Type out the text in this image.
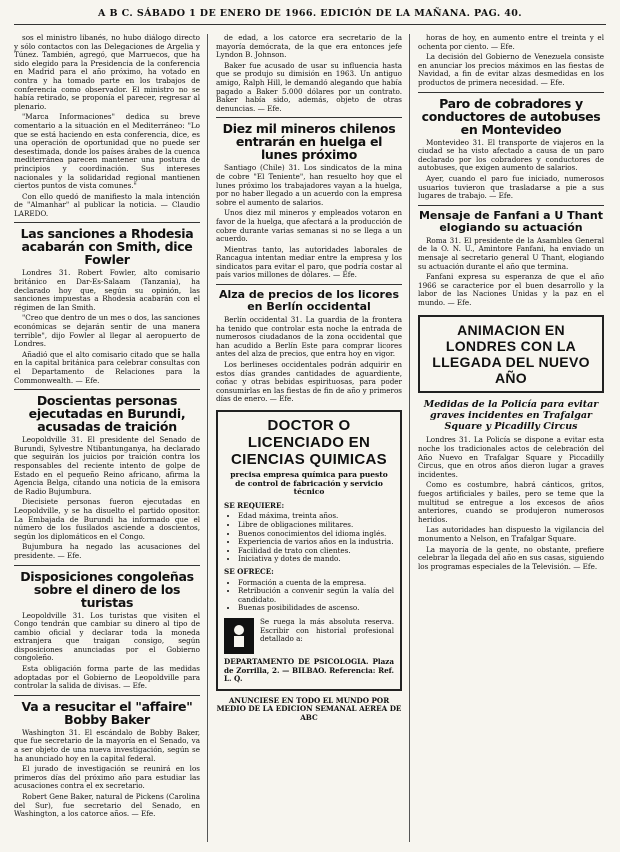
A B C. SÁBADO 1 DE ENERO DE 1966. EDICIÓN DE LA MAÑANA. PAG. 40.

sos el ministro libanés, no hubo diálogo directo y sólo contactos con las Delegaciones de Argelia y Túnez. También, agregó, que Marruecos, que ha sido elegido para la Presidencia de la conferencia en Madrid para el año próximo, ha votado en contra y ha tomado parte en los trabajos de conferencia como observador. El ministro no se había retirado, se proponía el parecer, regresar al plenario.

"Marca Informaciones" dedica su breve comentario a la situación en el Mediterráneo: "Lo que se está haciendo en esta conferencia, dice, es una operación de oportunidad que no puede ser desestimada, donde los países árabes de la cuenca mediterránea parecen mantener una postura de principios y coordinación. Sus intereses nacionales y la solidaridad regional mantienen ciertos puntos de vista comunes."

Con ello quedó de manifiesto la mala intención de "Almanhar" al publicar la noticia. — Claudio LAREDO.

Las sanciones a Rhodesia acabarán con Smith, dice Fowler

Londres 31. Robert Fowler, alto comisario británico en Dar-Es-Salaam (Tanzania), ha declarado hoy que, según su opinión, las sanciones impuestas a Rhodesia acabarán con el régimen de Ian Smith.

"Creo que dentro de un mes o dos, las sanciones económicas se dejarán sentir de una manera terrible", dijo Fowler al llegar al aeropuerto de Londres.

Añadió que el alto comisario citado que se halla en la capital británica para celebrar consultas con el Departamento de Relaciones para la Commonwealth. — Efe.

Doscientas personas ejecutadas en Burundi, acusadas de traición

Leopoldville 31. El presidente del Senado de Burundi, Sylvestre Ntibantunganya, ha declarado que seguirán los juicios por traición contra los responsables del reciente intento de golpe de Estado en el pequeño Reino africano, afirma la Agencia Belga, citando una noticia de la emisora de Radio Bujumbura.

Diecisiete personas fueron ejecutadas en Leopoldville, y se ha disuelto el partido opositor. La Embajada de Burundi ha informado que el número de los fusilados asciende a doscientos, según los diplomáticos en el Congo.

Bujumbura ha negado las acusaciones del presidente. — Efe.

Disposiciones congoleñas sobre el dinero de los turistas

Leopoldville 31. Los turistas que visiten el Congo tendrán que cambiar su dinero al tipo de cambio oficial y declarar toda la moneda extranjera que traigan consigo, según disposiciones anunciadas por el Gobierno congoleño.

Esta obligación forma parte de las medidas adoptadas por el Gobierno de Leopoldville para controlar la salida de divisas. — Efe.

Va a resucitar el "affaire" Bobby Baker

Washington 31. El escándalo de Bobby Baker, que fue secretario de la mayoría en el Senado, va a ser objeto de una nueva investigación, según se ha anunciado hoy en la capital federal.

El jurado de investigación se reunirá en los primeros días del próximo año para estudiar las acusaciones contra el ex secretario.

Robert Gene Baker, natural de Pickens (Carolina del Sur), fue secretario del Senado, en Washington, a los catorce años. — Efe.

de edad, a los catorce era secretario de la mayoría demócrata, de la que era entonces jefe Lyndon B. Johnson.

Baker fue acusado de usar su influencia hasta que se produjo su dimisión en 1963. Un antiguo amigo, Ralph Hill, le demandó alegando que había pagado a Baker 5.000 dólares por un contrato. Baker había sido, además, objeto de otras denuncias. — Efe.

Diez mil mineros chilenos entrarán en huelga el lunes próximo

Santiago (Chile) 31. Los sindicatos de la mina de cobre "El Teniente", han resuelto hoy que el lunes próximo los trabajadores vayan a la huelga, por no haber llegado a un acuerdo con la empresa sobre el aumento de salarios.

Unos diez mil mineros y empleados votaron en favor de la huelga, que afectará a la producción de cobre durante varias semanas si no se llega a un acuerdo.

Mientras tanto, las autoridades laborales de Rancagua intentan mediar entre la empresa y los sindicatos para evitar el paro, que podría costar al país varios millones de dólares. — Efe.

Alza de precios de los licores en Berlín occidental

Berlín occidental 31. La guardia de la frontera ha tenido que controlar esta noche la entrada de numerosos ciudadanos de la zona occidental que han acudido a Berlín Este para comprar licores antes del alza de precios, que entra hoy en vigor.

Los berlineses occidentales podrán adquirir en estos días grandes cantidades de aguardiente, coñac y otras bebidas espirituosas, para poder consumirlas en las fiestas de fin de año y primeros días de enero. — Efe.

DOCTOR O LICENCIADO EN CIENCIAS QUIMICAS
precisa empresa química para puesto de control de fabricación y servicio técnico
SE REQUIERE:
• Edad máxima, treinta años.
• Libre de obligaciones militares.
• Buenos conocimientos del idioma inglés.
• Experiencia de varios años en la industria.
• Facilidad de trato con clientes.
• Iniciativa y dotes de mando.
SE OFRECE:
• Formación a cuenta de la empresa.
• Retribución a convenir según la valía del candidato.
• Buenas posibilidades de ascenso.
Se ruega la más absoluta reserva. Escribir con historial profesional detallado a:
DEPARTAMENTO DE PSICOLOGIA. Plaza de Zorrilla, 2. — BILBAO. Referencia: Ref. L. Q.
ANUNCIESE EN TODO EL MUNDO POR MEDIO DE LA EDICION SEMANAL AEREA DE ABC

horas de hoy, en aumento entre el treinta y el ochenta por ciento. — Efe.

La decisión del Gobierno de Venezuela consiste en anunciar los precios máximos en las fiestas de Navidad, a fin de evitar alzas desmedidas en los productos de primera necesidad. — Efe.

Paro de cobradores y conductores de autobuses en Montevideo

Montevideo 31. El transporte de viajeros en la ciudad se ha visto afectado a causa de un paro declarado por los cobradores y conductores de autobuses, que exigen aumento de salarios.

Ayer, cuando el paro fue iniciado, numerosos usuarios tuvieron que trasladarse a pie a sus lugares de trabajo. — Efe.

Mensaje de Fanfani a U Thant elogiando su actuación

Roma 31. El presidente de la Asamblea General de la O. N. U., Amintore Fanfani, ha enviado un mensaje al secretario general U Thant, elogiando su actuación durante el año que termina.

Fanfani expresa su esperanza de que el año 1966 se caracterice por el buen desarrollo y la labor de las Naciones Unidas y la paz en el mundo. — Efe.

ANIMACION EN LONDRES CON LA LLEGADA DEL NUEVO AÑO
Medidas de la Policía para evitar graves incidentes en Trafalgar Square y Picadilly Circus

Londres 31. La Policía se dispone a evitar esta noche los tradicionales actos de celebración del Año Nuevo en Trafalgar Square y Piccadilly Circus, que en otros años dieron lugar a graves incidentes.

Como es costumbre, habrá cánticos, gritos, fuegos artificiales y bailes, pero se teme que la multitud se entregue a los excesos de años anteriores, cuando se produjeron numerosos heridos.

Las autoridades han dispuesto la vigilancia del monumento a Nelson, en Trafalgar Square.

La mayoría de la gente, no obstante, prefiere celebrar la llegada del año en sus casas, siguiendo los programas especiales de la Televisión. — Efe.
